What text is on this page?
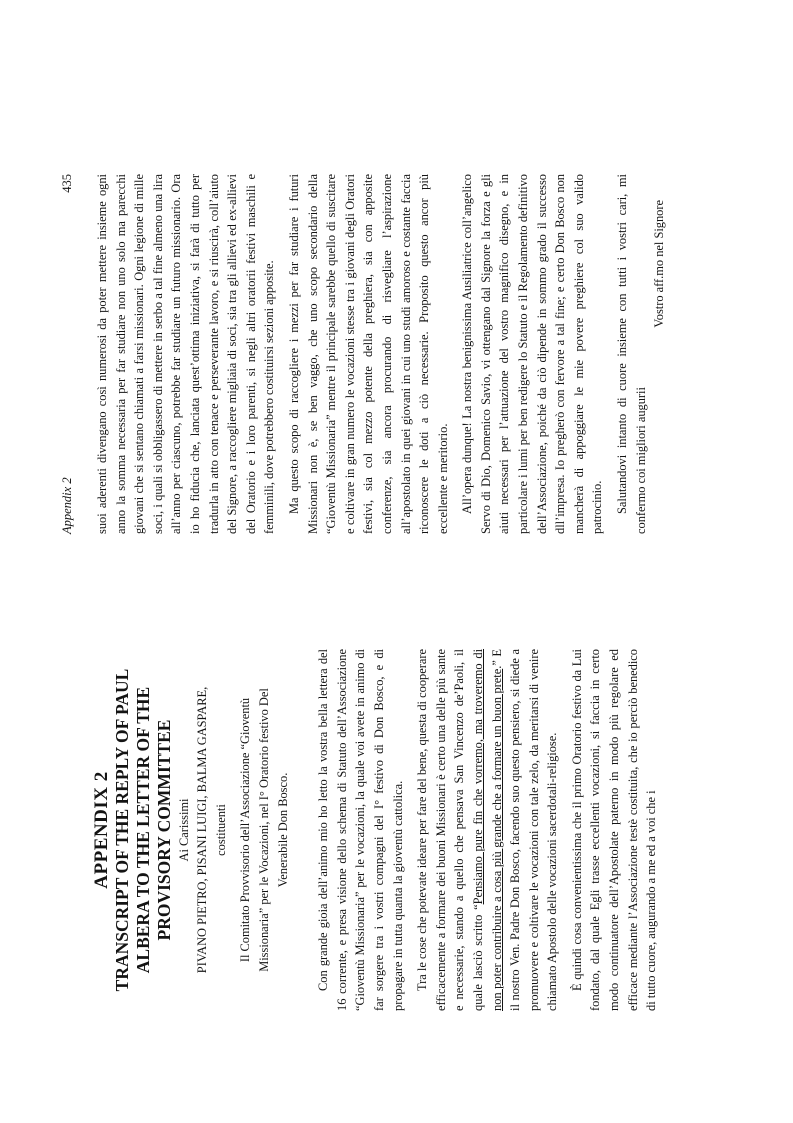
APPENDIX 2 TRANSCRIPT OF THE REPLY OF PAUL ALBERA TO THE LETTER OF THE PROVISORY COMMITTEE Ai Carissimi PIVANO PIETRO, PISANI LUIGI, BALMA GASPARE, costituenti Il Comitato Provvisorio dell’Associazione “Gioventù Missionaria” per le Vocazioni, nel I° Oratorio festivo Del Venerabile Don Bosco. Con grande gioia dell’animo mio ho letto la vostra bella lettera del 16 corrente, e presa visione dello schema di Statuto dell’Associazione “Gioventù Missionaria” per le vocazioni, la quale voi avete in animo di far sorgere tra i vostri compagni del I° festivo di Don Bosco, e di propagare in tutta quanta la gioventù cattolica. Tra le cose che potevate ideare per fare del bene, questa di cooperare efficacemente a formare dei buoni Missionari è certo una delle più sante e necessarie, stando a quello che pensava San Vincenzo de’Paoli, il quale lasciò scritto “Pensiamo pure fin che vorremo, ma troveremo di non poter contribuire a cosa più grande che a formare un buon prete.” E il nostro Ven. Padre Don Bosco, facendo suo questo pensiero, si diede a promuovere e coltivare le vocazioni con tale zelo, da meritarsi di venire chiamato Apostolo delle vocazioni sacerdotali-religiose. È quindi cosa convenientissima che il primo Oratorio festivo da Lui fondato, dal quale Egli trasse eccellenti vocazioni, si faccia in certo modo continuatore dell’Apostolate paterno in modo più regolare ed efficace mediante l’Associazione testè costituita, che io perciò benedico di tutto cuore, augurando a me ed a voi che i

Appendix 2
435 suoi aderenti divengano così numerosi da poter mettere insieme ogni anno la somma necessaria per far studiare non uno solo ma parecchi giovani che si sentano chiamati a farsi missionari. Ogni legione di mille soci, i quali si obbligassero di mettere in serbo a tal fine almeno una lira all’anno per ciascuno, potrebbe far studiare un futuro missionario. Ora io ho fiducia che, lanciata quest’ottima iniziativa, si farà di tutto per tradurla in atto con tenace e perseverante lavoro, e si riuscirà, coll’aiuto del Signore, a raccogliere migliaia di soci, sia tra gli allievi ed ex-allievi del Oratorio e i loro parenti, si negli altri oratorii festivi maschili e femminili, dove potrebbero costituirsi sezioni apposite. Ma questo scopo di raccogliere i mezzi per far studiare i futuri Missionari non è, se ben vaggo, che uno scopo secondario della “Gioventù Missionaria” mentre il principale sarebbe quello di suscitare e coltivare in gran numero le vocazioni stesse tra i giovani degli Oratori festivi, sia col mezzo potente della preghiera, sia con apposite conferenze, sia ancora procurando di risvegliare l’aspirazione all’apostolato in quei giovani in cui uno studi amoroso e costante faccia riconoscere le doti a ciò necessarie. Proposito questo ancor più eccellente e meritorio. All’opera dunque! La nostra benignissima Ausiliatrice coll’angelico Servo di Dio, Domenico Savio, vi ottengano dal Signore la forza e gli aiuti necessari per l’attuazione del vostro magnifico disegno, e in particolare i lumi per ben redigere lo Statuto e il Regolamento definitivo dell’Associazione, poiché da ciò dipende in sommo grado il successo dll’impresa. Io pregherò con fervore a tal fine; e certo Don Bosco non mancherà di appoggiare le mie povere preghiere col suo valido patrocinio. Salutandovi intanto di cuore insieme con tutti i vostri cari, mi confermo coi migliori augurii

Vostro aff.mo nel Signore
